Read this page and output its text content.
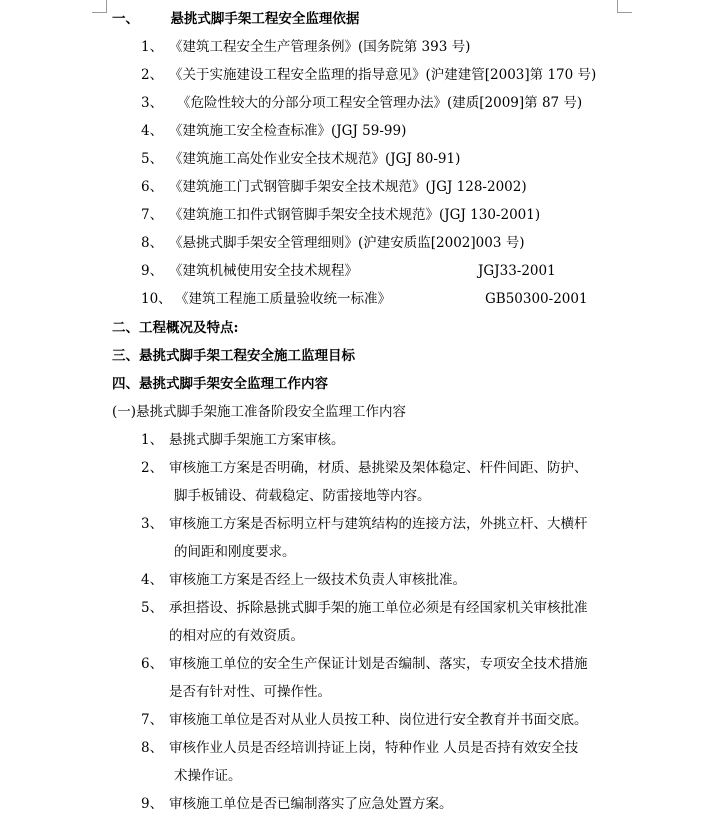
一、 悬挑式脚手架工程安全监理依据
1、 《建筑工程安全生产管理条例》(国务院第 393 号)
2、 《关于实施建设工程安全监理的指导意见》(沪建建管[2003]第 170 号)
3、 《危险性较大的分部分项工程安全管理办法》(建质[2009]第 87 号)
4、 《建筑施工安全检查标准》(JGJ 59-99)
5、 《建筑施工高处作业安全技术规范》(JGJ 80-91)
6、 《建筑施工门式钢管脚手架安全技术规范》(JGJ 128-2002)
7、 《建筑施工扣件式钢管脚手架安全技术规范》(JGJ 130-2001)
8、 《悬挑式脚手架安全管理细则》(沪建安质监[2002]003 号)
9、 《建筑机械使用安全技术规程》	JGJ33-2001
10、 《建筑工程施工质量验收统一标准》	GB50300-2001
二、工程概况及特点:
三、悬挑式脚手架工程安全施工监理目标
四、悬挑式脚手架安全监理工作内容
(一)悬挑式脚手架施工准备阶段安全监理工作内容
1、 悬挑式脚手架施工方案审核。
2、 审核施工方案是否明确，材质、悬挑梁及架体稳定、杆件间距、防护、
脚手板铺设、荷载稳定、防雷接地等内容。
3、 审核施工方案是否标明立杆与建筑结构的连接方法，外挑立杆、大横杆
的间距和刚度要求。
4、 审核施工方案是否经上一级技术负责人审核批准。
5、 承担搭设、拆除悬挑式脚手架的施工单位必须是有经国家机关审核批准
的相对应的有效资质。
6、 审核施工单位的安全生产保证计划是否编制、落实，专项安全技术措施
是否有针对性、可操作性。
7、 审核施工单位是否对从业人员按工种、岗位进行安全教育并书面交底。
8、 审核作业人员是否经培训持证上岗，特种作业 人员是否持有效安全技
术操作证。
9、 审核施工单位是否已编制落实了应急处置方案。
